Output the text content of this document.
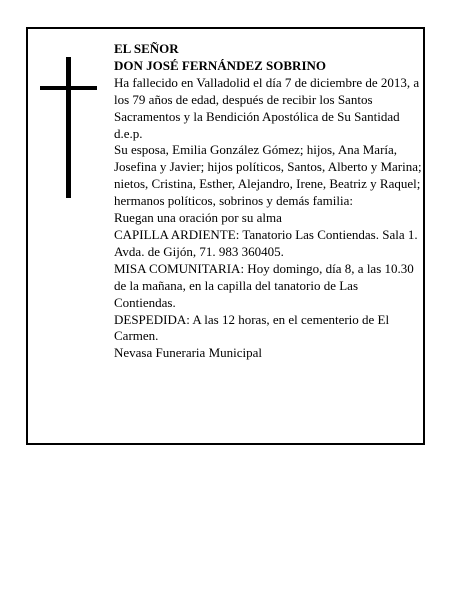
EL SEÑOR

DON JOSÉ FERNÁNDEZ SOBRINO

Ha fallecido en Valladolid el día 7 de diciembre de 2013, a los 79 años de edad, después de recibir los Santos Sacramentos y la Bendición Apostólica de Su Santidad

d.e.p.

Su esposa, Emilia González Gómez; hijos, Ana María, Josefina y Javier; hijos políticos, Santos, Alberto y Marina; nietos, Cristina, Esther, Alejandro, Irene, Beatriz y Raquel; hermanos políticos, sobrinos y demás familia:

Ruegan una oración por su alma

CAPILLA ARDIENTE: Tanatorio Las Contiendas. Sala 1. Avda. de Gijón, 71. 983 360405.

MISA COMUNITARIA: Hoy domingo, día 8, a las 10.30 de la mañana, en la capilla del tanatorio de Las Contiendas.

DESPEDIDA: A las 12 horas, en el cementerio de El Carmen.

Nevasa Funeraria Municipal
